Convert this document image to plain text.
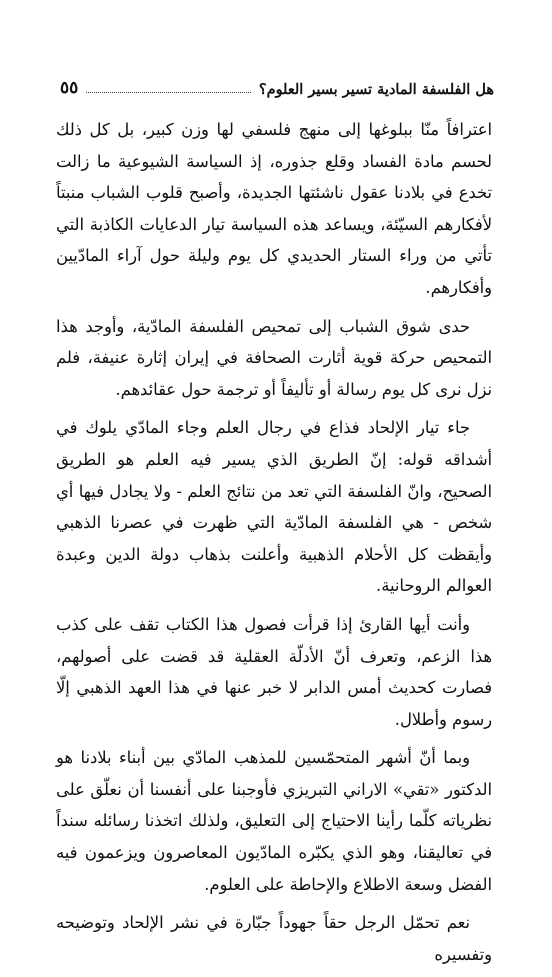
هل الفلسفة المادية تسير بسير العلوم؟
٥٥

اعترافاً منّا ببلوغها إلى منهج فلسفي لها وزن كبير، بل كل ذلك لحسم مادة الفساد وقلع جذوره، إذ السياسة الشيوعية ما زالت تخدع في بلادنا عقول ناشئتها الجديدة، وأصبح قلوب الشباب منبتاً لأفكارهم السيّئة، ويساعد هذه السياسة تيار الدعايات الكاذبة التي تأتي من وراء الستار الحديدي كل يوم وليلة حول آراء المادّيين وأفكارهم.

حدى شوق الشباب إلى تمحيص الفلسفة المادّية، وأوجد هذا التمحيص حركة قوية أثارت الصحافة في إيران إثارة عنيفة، فلم نزل نرى كل يوم رسالة أو تأليفاً أو ترجمة حول عقائدهم.

جاء تيار الإلحاد فذاع في رجال العلم وجاء المادّي يلوك في أشداقه قوله: إنّ الطريق الذي يسير فيه العلم هو الطريق الصحيح، وانّ الفلسفة التي تعد من نتائج العلم - ولا يجادل فيها أي شخص - هي الفلسفة المادّية التي ظهرت في عصرنا الذهبي وأيقظت كل الأحلام الذهبية وأعلنت بذهاب دولة الدين وعبدة العوالم الروحانية.

وأنت أيها القارئ إذا قرأت فصول هذا الكتاب تقف على كذب هذا الزعم، وتعرف أنّ الأدلّة العقلية قد قضت على أصولهم، فصارت كحديث أمس الدابر لا خبر عنها في هذا العهد الذهبي إلّا رسوم وأطلال.

وبما أنّ أشهر المتحمّسين للمذهب المادّي بين أبناء بلادنا هو الدكتور «تقي» الاراني التبريزي فأوجبنا على أنفسنا أن نعلّق على نظرياته كلّما رأينا الاحتياج إلى التعليق، ولذلك اتخذنا رسائله سنداً في تعاليقنا، وهو الذي يكبّره المادّيون المعاصرون ويزعمون فيه الفضل وسعة الاطلاع والإحاطة على العلوم.

نعم تحمّل الرجل حقاً جهوداً جبّارة في نشر الإلحاد وتوضيحه وتفسيره
